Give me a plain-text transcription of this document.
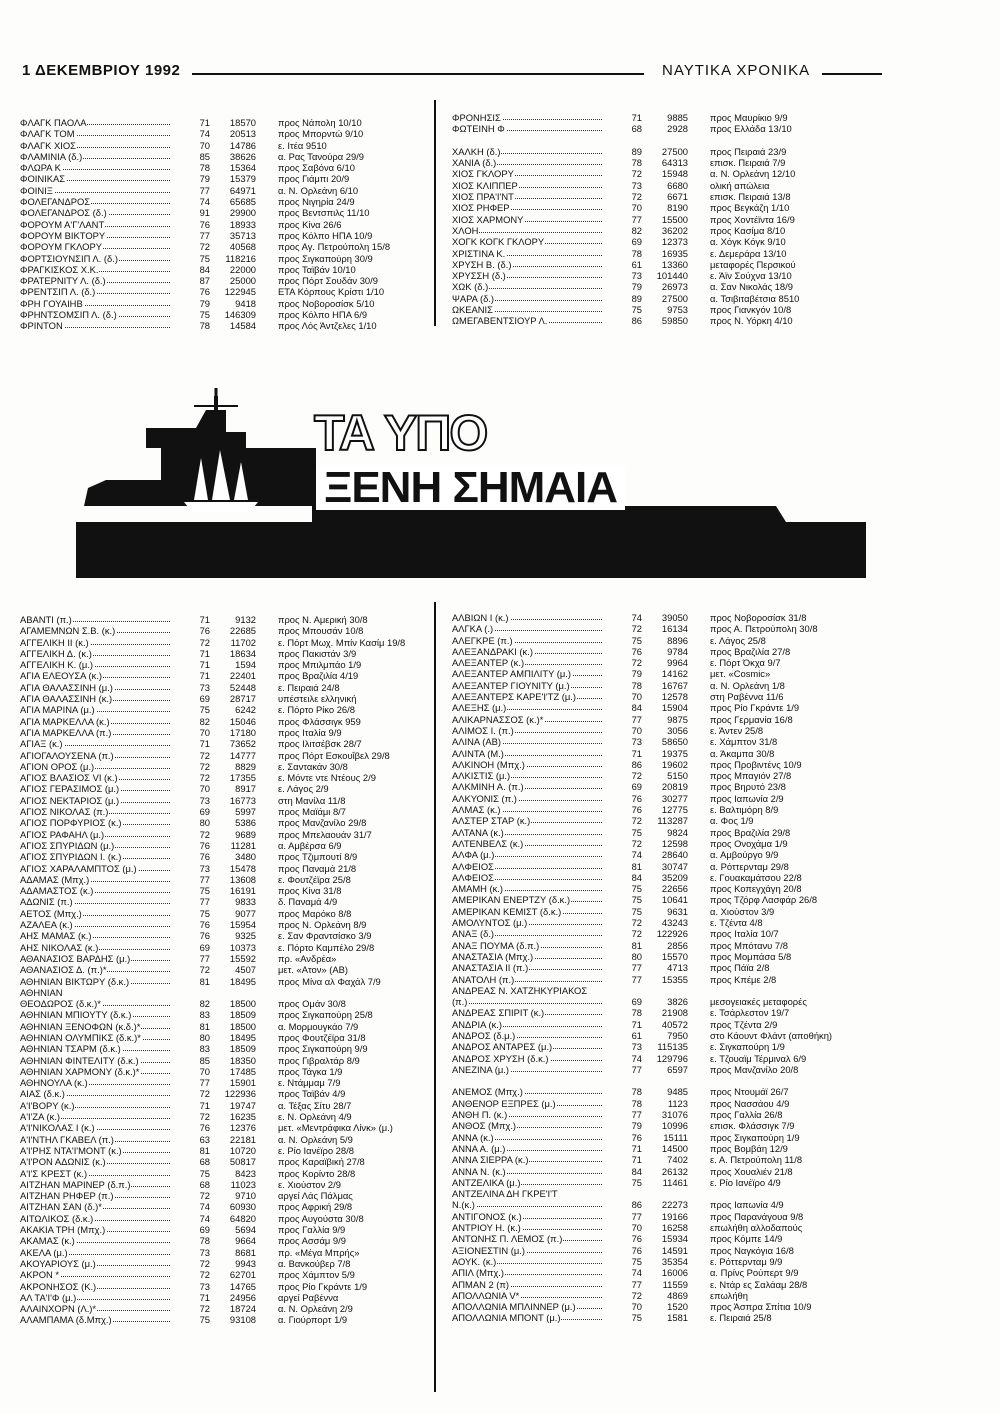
1 ΔΕΚΕΜΒΡΙΟΥ 1992	ΝΑΥΤΙΚΑ ΧΡΟΝΙΚΑ
ΦΛΑΓΚ ΠΑΟΛΑ	71	18570 προς Νάπολη 10/10
ΦΛΑΓΚ ΤΟΜ	74	20513 προς Μπορντώ 9/10
ΦΛΑΓΚ ΧΙΟΣ	70	14786 ε. Ιτέα 9510
ΦΛΑΜΙΝΙΑ (δ.)	85	38626 α. Ρας Τανούρα 29/9
ΦΛΩΡΑ Κ	78	15364 προς Σαβόνα 6/10
ΦΟΙΝΙΚΑΣ	79	15379 προς Γιάμπι 20/9
ΦΟΙΝΙΞ	77	64971 α. Ν. Ορλεάνη 6/10
ΦΟΛΕΓΑΝΔΡΟΣ	74	65685 προς Νιγηρία 24/9
ΦΟΛΕΓΑΝΔΡΟΣ (δ.)	91	29900 προς Βεντσπιλς 11/10
ΦΟΡΟΥΜ Α'Γ'ΛΑΝΤ	76	18933 προς Κίνα 26/6
ΦΟΡΟΥΜ ΒΙΚΤΟΡΥ	77	35713 προς Κόλπο ΗΠΑ 10/9
ΦΟΡΟΥΜ ΓΚΛΟΡΥ	72	40568 προς Αγ. Πετρούπολη 15/8
ΦΟΡΤΣΙΟΥΝΣΙΠ Λ. (δ.)	75	118216 προς Σιγκαπούρη 30/9
ΦΡΑΓΚΙΣΚΟΣ Χ.Κ.	84	22000 προς Ταϊβάν 10/10
ΦΡΑΤΕΡΝΙΤΥ Λ. (δ.)	87	25000 προς Πόρτ Σουδάν 30/9
ΦΡΕΝΤΣΙΠ Λ. (δ.)	76	122945 ΕΤΑ Κόρπους Κρίστι 1/10
ΦΡΗ ΓΟΥΑΙΗΒ	79	9418 προς Νοβοροσίσκ 5/10
ΦΡΗΝΤΣΟΜΣΙΠ Λ. (δ.)	75	146309 προς Κόλπο ΗΠΑ 6/9
ΦΡΙΝΤΟΝ	78	14584 προς Λός Άντζελες 1/10
ΦΡΟΝΗΣΙΣ	71	9885 προς Μαυρίκιο 9/9
ΦΩΤΕΙΝΗ Φ	68	2928 προς Ελλάδα 13/10
ΧΑΛΚΗ (δ.)	89	27500 προς Πειραιά 23/9
ΧΑΝΙΑ (δ.)	78	64313 επισκ. Πειραιά 7/9
ΧΙΟΣ ΓΚΛΟΡΥ	72	15948 α. Ν. Ορλεάνη 12/10
ΧΙΟΣ ΚΛΙΠΠΕΡ	73	6680 ολική απώλεια
ΧΙΟΣ ΠΡΑ'Ι'ΝΤ	72	6671 επισκ. Πειραιά 13/8
ΧΙΟΣ ΡΗΦΕΡ	70	8190 προς Βεγκάζη 1/10
ΧΙΟΣ ΧΑΡΜΟΝΥ	77	15500 προς Χοντέϊντα 16/9
ΧΛΟΗ	82	36202 προς Κασίμα 8/10
ΧΟΓΚ ΚΟΓΚ ΓΚΛΟΡΥ	69	12373 α. Χόγκ Κόγκ 9/10
ΧΡΙΣΤΙΝΑ Κ.	78	16935 ε. Δεμεράρα 13/10
ΧΡΥΣΗ Β. (δ.)	61	13360 μεταφορές Περσικού
ΧΡΥΣΣΗ (δ.)	73	101440 ε. Άϊν Σούχνα 13/10
ΧΩΚ (δ.)	79	26973 α. Σαν Νικολάς 18/9
ΨΑΡΑ (δ.)	89	27500 α. Τσιβιταβέτσια 8510
ΩΚΕΑΝΙΣ	75	9753 προς Γιανκγόν 10/8
ΩΜΕΓΑΒΕΝΤΣΙΟΥΡ Λ.	86	59850 προς Ν. Υόρκη 4/10
ΤΑ ΥΠΟ
ΞΕΝΗ ΣΗΜΑΙΑ
ΑΒΑΝΤΙ (π.)	71	9132 προς Ν. Αμερική 30/8
ΑΓΑΜΕΜΝΩΝ Σ.Β. (κ.)	76	22685 προς Μπουσάν 10/8
ΑΓΓΕΛΙΚΗ ΙΙ (κ.)	72	11702 ε. Πόρτ Μωχ. Μπίν Κασίμ 19/8
ΑΓΓΕΛΙΚΗ Δ. (κ.)	71	18634 προς Πακιστάν 3/9
ΑΓΓΕΛΙΚΗ Κ. (μ.)	71	1594 προς Μπιλμπάο 1/9
ΑΓΙΑ ΕΛΕΟΥΣΑ (κ.)	71	22401 προς Βραζιλία 4/19
ΑΓΙΑ ΘΑΛΑΣΣΙΝΗ (μ.)	73	52448 ε. Πειραιά 24/8
ΑΓΙΑ ΘΑΛΑΣΣΙΝΗ (κ.)	69	28717 υπέστειλε ελληνική
ΑΓΙΑ ΜΑΡΙΝΑ (μ.)	75	6242 ε. Πόρτο Ρίκο 26/8
ΑΓΙΑ ΜΑΡΚΕΛΛΑ (κ.)	82	15046 προς Φλάσσιγκ 959
ΑΓΙΑ ΜΑΡΚΕΛΛΑ (π.)	70	17180 προς Ιταλία 9/9
ΑΓΙΑΞ (κ.)	71	73652 προς Ιλιτσέβσκ 28/7
ΑΓΙΟΓΑΛΟΥΣΕΝΑ (π.)	72	14777 προς Πόρτ Εσκουΐβελ 29/8
ΑΓΙΟΝ ΟΡΟΣ (μ.)	72	8829 ε. Σαντακάν 30/8
ΑΓΙΟΣ ΒΛΑΣΙΟΣ VI (κ.)	72	17355 ε. Μόντε ντε Ντέους 2/9
ΑΓΙΟΣ ΓΕΡΑΣΙΜΟΣ (μ.)	70	8917 ε. Λάγος 2/9
ΑΓΙΟΣ ΝΕΚΤΑΡΙΟΣ (μ.)	73	16773 στη Μανίλα 11/8
ΑΓΙΟΣ ΝΙΚΟΛΑΣ (π.)	69	5997 προς Μαϊάμι 8/7
ΑΓΙΟΣ ΠΟΡΦΥΡΙΟΣ (κ.)	80	5386 προς Μανζανίλο 29/8
ΑΓΙΟΣ ΡΑΦΑΗΛ (μ.)	72	9689 προς Μπελαουάν 31/7
ΑΓΙΟΣ ΣΠΥΡΙΔΩΝ (μ.)	76	11281 α. Αμβέρσα 6/9
ΑΓΙΟΣ ΣΠΥΡΙΔΩΝ Ι. (κ.)	76	3480 προς Τζιμπουτί 8/9
ΑΓΙΟΣ ΧΑΡΑΛΑΜΠΤΟΣ (μ.)	73	15478 προς Παναμά 21/8
ΑΔΑΜΑΣ (Μπχ.)	77	13608 ε. Φουτζέϊρα 25/8
ΑΔΑΜΑΣΤΟΣ (κ.)	75	16191 προς Κίνα 31/8
ΑΔΩΝΙΣ (π.)	77	9833 δ. Παναμά 4/9
ΑΕΤΟΣ (Μπχ.)	75	9077 προς Μαρόκο 8/8
ΑΖΑΛΕΑ (κ.)	76	15954 προς Ν. Ορλεάνη 8/9
ΑΗΣ ΜΑΜΑΣ (κ.)	76	9325 ε. Σαν Φραντσίσκο 3/9
ΑΗΣ ΝΙΚΟΛΑΣ (κ.)	69	10373 ε. Πόρτο Καμπέλο 29/8
ΑΘΑΝΑΣΙΟΣ ΒΑΡΔΗΣ (μ.)	77	15592 πρ. «Ανδρέα»
ΑΘΑΝΑΣΙΟΣ Δ. (π.)*	72	4507 μετ. «Ατον» (ΑΒ)
ΑΘΗΝΙΑΝ ΒΙΚΤΩΡΥ (δ.κ.)	81	18495 προς Μίνα αλ Φαχάλ 7/9
ΑΘΗΝΙΑΝ
ΘΕΟΔΩΡΟΣ (δ.κ.)*	82	18500 προς Ομάν 30/8
ΑΘΗΝΙΑΝ ΜΠΙΟΥΤΥ (δ.κ.)	83	18509 προς Σιγκαπούρη 25/8
ΑΘΗΝΙΑΝ ΞΕΝΟΦΩΝ (κ.δ.)*	81	18500 α. Μορμουγκάο 7/9
ΑΘΗΝΙΑΝ ΟΛΥΜΠΙΚΣ (δ.κ.)*	80	18495 προς Φουτζέϊρα 31/8
ΑΘΗΝΙΑΝ ΤΣΑΡΜ (δ.κ.)	83	18509 προς Σιγκαπούρη 9/9
ΑΘΗΝΙΑΝ ΦΙΝΤΕΛΙΤΥ (δ.κ.)	85	18350 προς Γιβραλτάρ 8/9
ΑΘΗΝΙΑΝ ΧΑΡΜΟΝΥ (δ.κ.)*	70	17485 προς Τάγκα 1/9
ΑΘΗΝΟΥΛΑ (κ.)	77	15901 ε. Ντάμμαμ 7/9
ΑΙΑΣ (δ.κ.)	72	122936 προς Ταϊβάν 4/9
Α'Ι'ΒΟΡΥ (κ.)	71	19747 α. Τέξας Σίτυ 28/7
Α'Ι'ΖΑ (κ.)	72	16235 ε. Ν. Ορλεάνη 4/9
Α'Ι'ΝΙΚΟΛΑΣ Ι (κ.)	76	12376 μετ. «Μεντράφικα Λίνκ» (μ.)
Α'Ι'ΝΤΗΛ ΓΚΑΒΕΛ (π.)	63	22181 α. Ν. Ορλεάνη 5/9
Α'Ι'ΡΗΣ ΝΤΑ'Ι'ΜΟΝΤ (κ.)	81	10720 ε. Ρίο Ιανέϊρο 28/8
Α'Ι'ΡΟΝ ΑΔΩΝΙΣ (κ.)	68	50817 προς Καραϊβική 27/8
Α'Ι'Σ ΚΡΕΣΤ (κ.)	75	8423 προς Κορίντο 28/8
ΑΙΤΖΗΑΝ ΜΑΡΙΝΕΡ (δ.π.)	68	11023 ε. Χιούστον 2/9
ΑΙΤΖΗΑΝ ΡΗΦΕΡ (π.)	72	9710 αργεί Λάς Πάλμας
ΑΙΤΖΗΑΝ ΣΑΝ (δ.)*	74	60930 προς Αφρική 29/8
ΑΙΤΩΛΙΚΟΣ (δ.κ.)	74	64820 προς Αυγούστα 30/8
ΑΚΑΚΙΑ ΤΡΗ (Μπχ.)	69	5694 προς Γαλλία 9/9
ΑΚΑΜΑΣ (κ.)	78	9664 προς Ασσάμ 9/9
ΑΚΕΛΑ (μ.)	73	8681 πρ. «Μέγα Μπρής»
ΑΚΟΥΑΡΙΟΥΣ (μ.)	72	9943 α. Βανκούβερ 7/8
ΑΚΡΟΝ *	72	62701 προς Χάμπτον 5/9
ΑΚΡΟΝΗΣΟΣ (Κ.)	73	14765 προς Ρίο Γκράντε 1/9
ΑΛ ΤΑ'Ι'Φ (μ.)	71	24956 αργεί Ραβέννα
ΑΛΑΙΝΧΟΡΝ (Λ.)*	72	18724 α. Ν. Ορλεάνη 2/9
ΑΛΑΜΠΑΜΑ (δ.Μπχ.)	75	93108 α. Γιούρπορτ 1/9
ΑΛΒΙΩΝ Ι (κ.)	74	39050 προς Νοβοροσίσκ 31/8
ΑΛΓΚΑ (.)	72	16134 προς Α. Πετρούπολη 30/8
ΑΛΕΓΚΡΕ (π.)	75	8896 ε. Λάγος 25/8
ΑΛΕΞΑΝΔΡΑΚΙ (κ.)	76	9784 προς Βραζιλία 27/8
ΑΛΕΞΑΝΤΕΡ (κ.)	72	9964 ε. Πόρτ Όκχα 9/7
ΑΛΕΞΑΝΤΕΡ ΑΜΠΙΛΙΤΥ (μ.)	79	14162 μετ. «Cosmic»
ΑΛΕΞΑΝΤΕΡ ΓΙΟΥΝΙΤΥ (μ.)	78	16767 α. Ν. Ορλεάνη 1/8
ΑΛΕΞΑΝΤΕΡΣ ΚΑΡΕ'Ι'ΤΖ (μ.)	70	12578 στη Ραβέννα 11/6
ΑΛΕΞΗΣ (μ.)	84	15904 προς Ρίο Γκράντε 1/9
ΑΛΙΚΑΡΝΑΣΣΟΣ (κ.)*	77	9875 προς Γερμανία 16/8
ΑΛΙΜΟΣ Ι. (π.)	70	3056 ε. Άντεν 25/8
ΑΛΙΝΑ (ΑΒ)	73	58650 ε. Χάμπτον 31/8
ΑΛΙΝΤΑ (Μ.)	71	19375 α. Άκαμπα 30/8
ΑΛΚΙΝΟΗ (Μπχ.)	86	19602 προς Προβιντένς 10/9
ΑΛΚΙΣΤΙΣ (μ.)	72	5150 προς Μπαγιόν 27/8
ΑΛΚΜΙΝΗ Α. (π.)	69	20819 προς Βηρυτό 23/8
ΑΛΚΥΟΝΙΣ (π.)	76	30277 προς Ιαπωνία 2/9
ΑΛΜΑΣ (κ.)	76	12775 ε. Βαλτιμόρη 8/9
ΑΛΣΤΕΡ ΣΤΑΡ (κ.)	72	113287 α. Φος 1/9
ΑΛΤΑΝΑ (κ.)	75	9824 προς Βραζιλία 29/8
ΑΛΤΕΝΒΕΛΣ (κ.)	72	12598 προς Ονοχάμα 1/9
ΑΛΦΑ (μ.)	74	28640 α. Αμβούργο 9/9
ΑΛΦΕΙΟΣ	81	30747 α. Ρόττερνταμ 29/8
ΑΛΦΕΙΟΣ	84	35209 ε. Γουακαμάτσου 22/8
ΑΜΑΜΗ (κ.)	75	22656 προς Κοπεγχάγη 20/8
ΑΜΕΡΙΚΑΝ ΕΝΕΡΤΖΥ (δ.κ.)	75	10641 προς Τζόρφ Λασφάρ 26/8
ΑΜΕΡΙΚΑΝ ΚΕΜΙΣΤ (δ.κ.)	75	9631 α. Χιούστον 3/9
ΑΜΟΛΥΝΤΟΣ (μ.)	72	43243 ε. Τζέντα 4/8
ΑΝΑΞ (δ.)	72	122926 προς Ιταλία 10/7
ΑΝΑΞ ΠΟΥΜΑ (δ.π.)	81	2856 προς Μπότανυ 7/8
ΑΝΑΣΤΑΣΙΑ (Μπχ.)	80	15570 προς Μομπάσα 5/8
ΑΝΑΣΤΑΣΙΑ ΙΙ (π.)	77	4713 προς Πάϊα 2/8
ΑΝΑΤΟΛΗ (π.)	77	15355 προς Κπέμε 2/8
ΑΝΔΡΕΑΣ Ν. ΧΑΤΖΗΚΥΡΙΑΚΟΣ
(π.)	69	3826 μεσογειακές μεταφορές
ΑΝΔΡΕΑΣ ΣΠΙΡΙΤ (κ.)	78	21908 ε. Τσάρλεστον 19/7
ΑΝΔΡΙΑ (κ.)	71	40572 προς Τζέντα 2/9
ΑΝΔΡΟΣ (δ.μ.)	61	7950 στο Κάουντ Φλάντ (αποθήκη)
ΑΝΔΡΟΣ ΑΝΤΑΡΕΣ (μ.)	73	115135 ε. Σιγκαπούρη 1/9
ΑΝΔΡΟΣ ΧΡΥΣΗ (δ.κ.)	74	129796 ε. Τζουαϊμ Τέρμιναλ 6/9
ΑΝΕΖΙΝΑ (μ.)	77	6597 προς Μανζανίλο 20/8
ΑΝΕΜΟΣ (Μπχ.)	78	9485 προς Ντουμάϊ 26/7
ΑΝΘΕΝΟΡ ΕΞΠΡΕΣ (μ.)	78	1123 προς Νασσάου 4/9
ΑΝΘΗ Π. (κ.)	77	31076 προς Γαλλία 26/8
ΑΝΘΟΣ (Μπχ.)	79	10996 επισκ. Φλάσσιγκ 7/9
ΑΝΝΑ (κ.)	76	15111 προς Σιγκαπούρη 1/9
ΑΝΝΑ Α. (μ.)	71	14500 προς Βομβάη 12/9
ΑΝΝΑ ΣΙΕΡΡΑ (κ.)	71	7402 ε. Α. Πετρούπολη 11/8
ΑΝΝΑ Ν. (κ.)	84	26132 προς Χουαλιέν 21/8
ΑΝΤΖΕΛΙΚΑ (μ.)	75	11461 ε. Ρίο Ιανέϊρο 4/9
ΑΝΤΖΕΛΙΝΑ ΔΗ ΓΚΡΕ'Ι'Τ
Ν.(κ.)	86	22273 προς Ιαπωνία 4/9
ΑΝΤΙΓΟΝΟΣ (κ.)	77	19166 προς Παρανάγουα 9/8
ΑΝΤΡΙΟΥ Η. (κ.)	70	16258 επωλήθη αλλοδαπούς
ΑΝΤΩΝΗΣ Π. ΛΕΜΟΣ (π.)	76	15934 προς Κόμπε 14/9
ΑΞΙΟΝΕΣΤΙΝ (μ.)	76	14591 προς Ναγκόγια 16/8
ΑΟΥΚ. (κ.)	75	35354 ε. Ρόττερνταμ 9/9
ΑΠΙΛ (Μπχ.)	74	16006 α. Πρίνς Ρούπερτ 9/9
ΑΠΜΑΝ 2 (π)	77	11559 ε. Ντάρ ες Σαλάαμ 28/8
ΑΠΟΛΛΩΝΙΑ V*	72	4869 επωλήθη
ΑΠΟΛΛΩΝΙΑ ΜΠΛΙΝΝΕΡ (μ.)	70	1520 προς Άσπρα Σπίτια 10/9
ΑΠΟΛΛΩΝΙΑ ΜΠΟΝΤ (μ.)	75	1581 ε. Πειραιά 25/8
